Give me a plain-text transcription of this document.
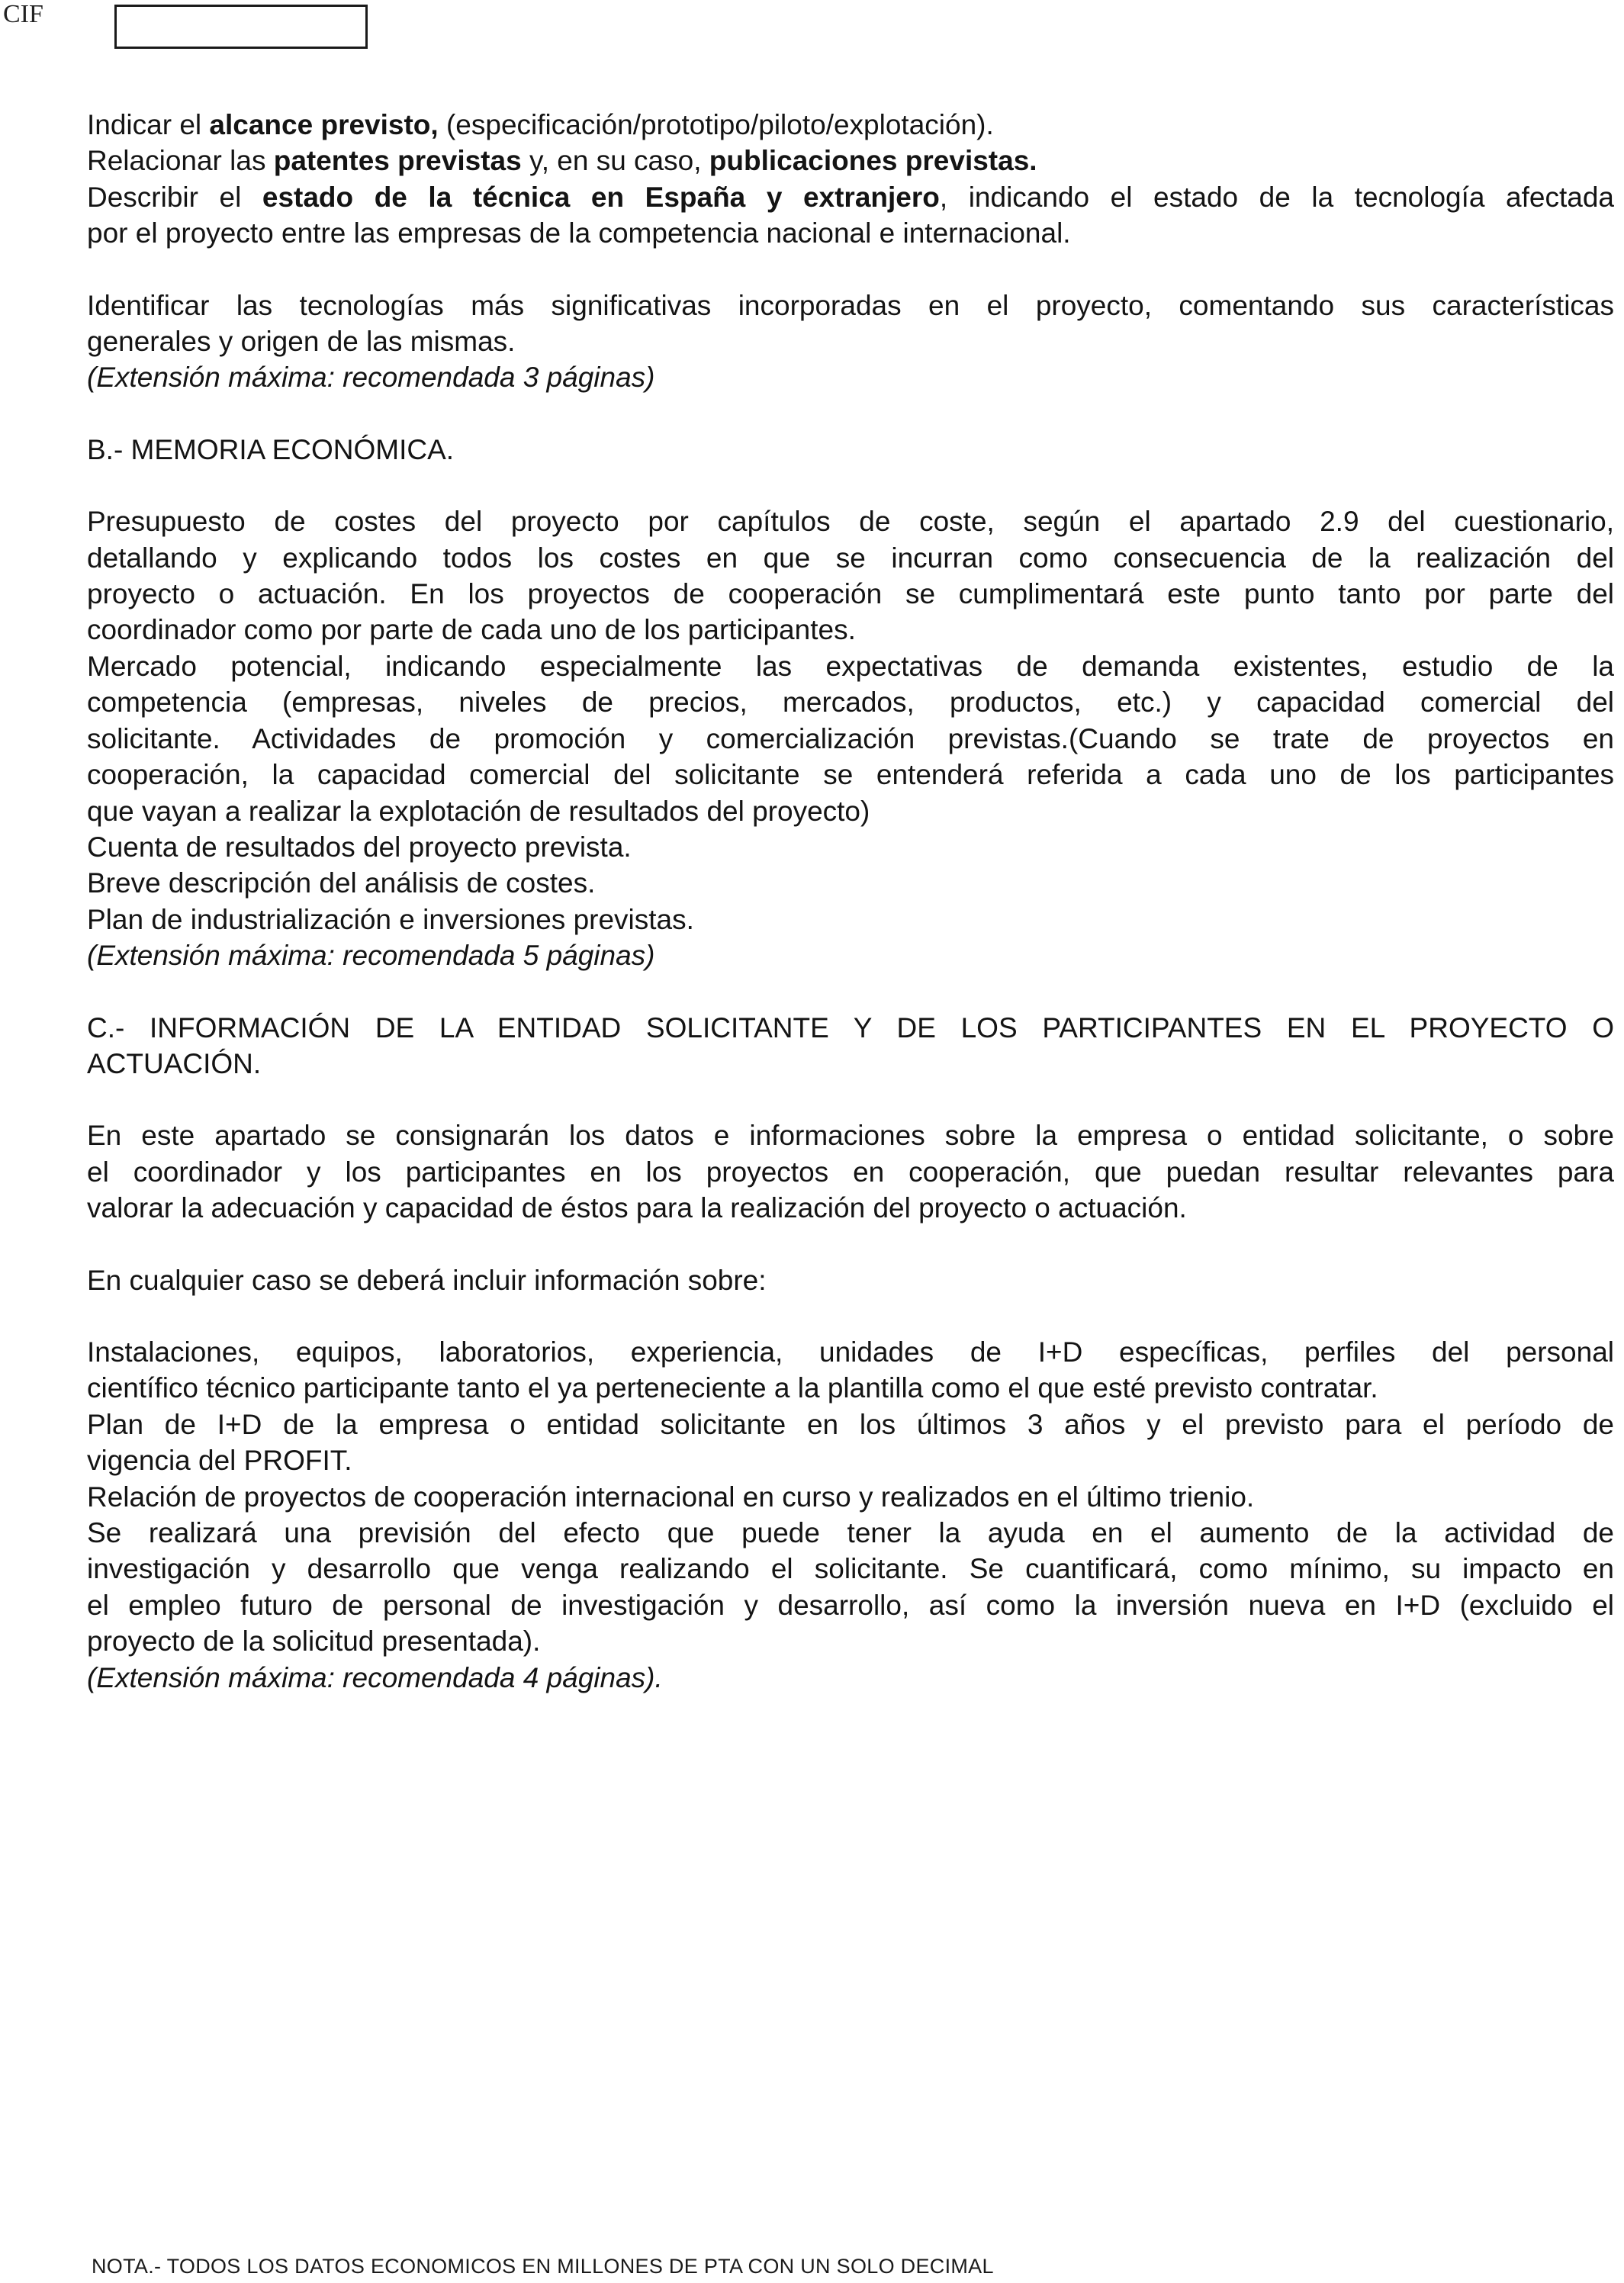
CIF

Indicar el alcance previsto, (especificación/prototipo/piloto/explotación).

Relacionar las patentes previstas y, en su caso, publicaciones previstas.

Describir el estado de la técnica en España y extranjero, indicando el estado de la tecnología afectada

por el proyecto entre las empresas de la competencia nacional e internacional.

Identificar las tecnologías más significativas incorporadas en el proyecto, comentando sus características

generales y origen de las mismas.

(Extensión máxima: recomendada 3 páginas)

B.- MEMORIA ECONÓMICA.

Presupuesto de costes del proyecto por capítulos de coste, según el apartado 2.9 del cuestionario,

detallando y explicando todos los costes en que se incurran como consecuencia de la realización del

proyecto o actuación. En los proyectos de cooperación se cumplimentará este punto tanto por parte del

coordinador como por parte de cada uno de los participantes.

Mercado potencial, indicando especialmente las expectativas de demanda existentes, estudio de la

competencia (empresas, niveles de precios, mercados, productos, etc.) y capacidad comercial del

solicitante. Actividades de promoción y comercialización previstas.(Cuando se trate de proyectos en

cooperación, la capacidad comercial del solicitante se entenderá referida a cada uno de los participantes

que vayan a realizar la explotación de resultados del proyecto)

Cuenta de resultados del proyecto prevista.

Breve descripción del análisis de costes.

Plan de industrialización e inversiones previstas.

(Extensión máxima: recomendada 5 páginas)

C.- INFORMACIÓN DE LA ENTIDAD SOLICITANTE Y DE LOS PARTICIPANTES EN EL PROYECTO O

ACTUACIÓN.

En este apartado se consignarán los datos e informaciones sobre la empresa o entidad solicitante, o sobre

el coordinador y los participantes en los proyectos en cooperación, que puedan resultar relevantes para

valorar la adecuación y capacidad de éstos para la realización del proyecto o actuación.

En cualquier caso se deberá incluir información sobre:

Instalaciones, equipos, laboratorios, experiencia, unidades de I+D específicas, perfiles del personal

científico técnico participante tanto el ya perteneciente a la plantilla como el que esté previsto contratar.

Plan de I+D de la empresa o entidad solicitante en los últimos 3 años y el previsto para el período de

vigencia del PROFIT.

Relación de proyectos de cooperación internacional en curso y realizados en el último trienio.

Se realizará una previsión del efecto que puede tener la ayuda en el aumento de la actividad de

investigación y desarrollo que venga realizando el solicitante. Se cuantificará, como mínimo, su impacto en

el empleo futuro de personal de investigación y desarrollo, así como la inversión nueva en I+D (excluido el

proyecto de la solicitud presentada).

(Extensión máxima: recomendada 4 páginas).

NOTA.- TODOS LOS DATOS ECONOMICOS EN MILLONES DE PTA CON UN SOLO DECIMAL
